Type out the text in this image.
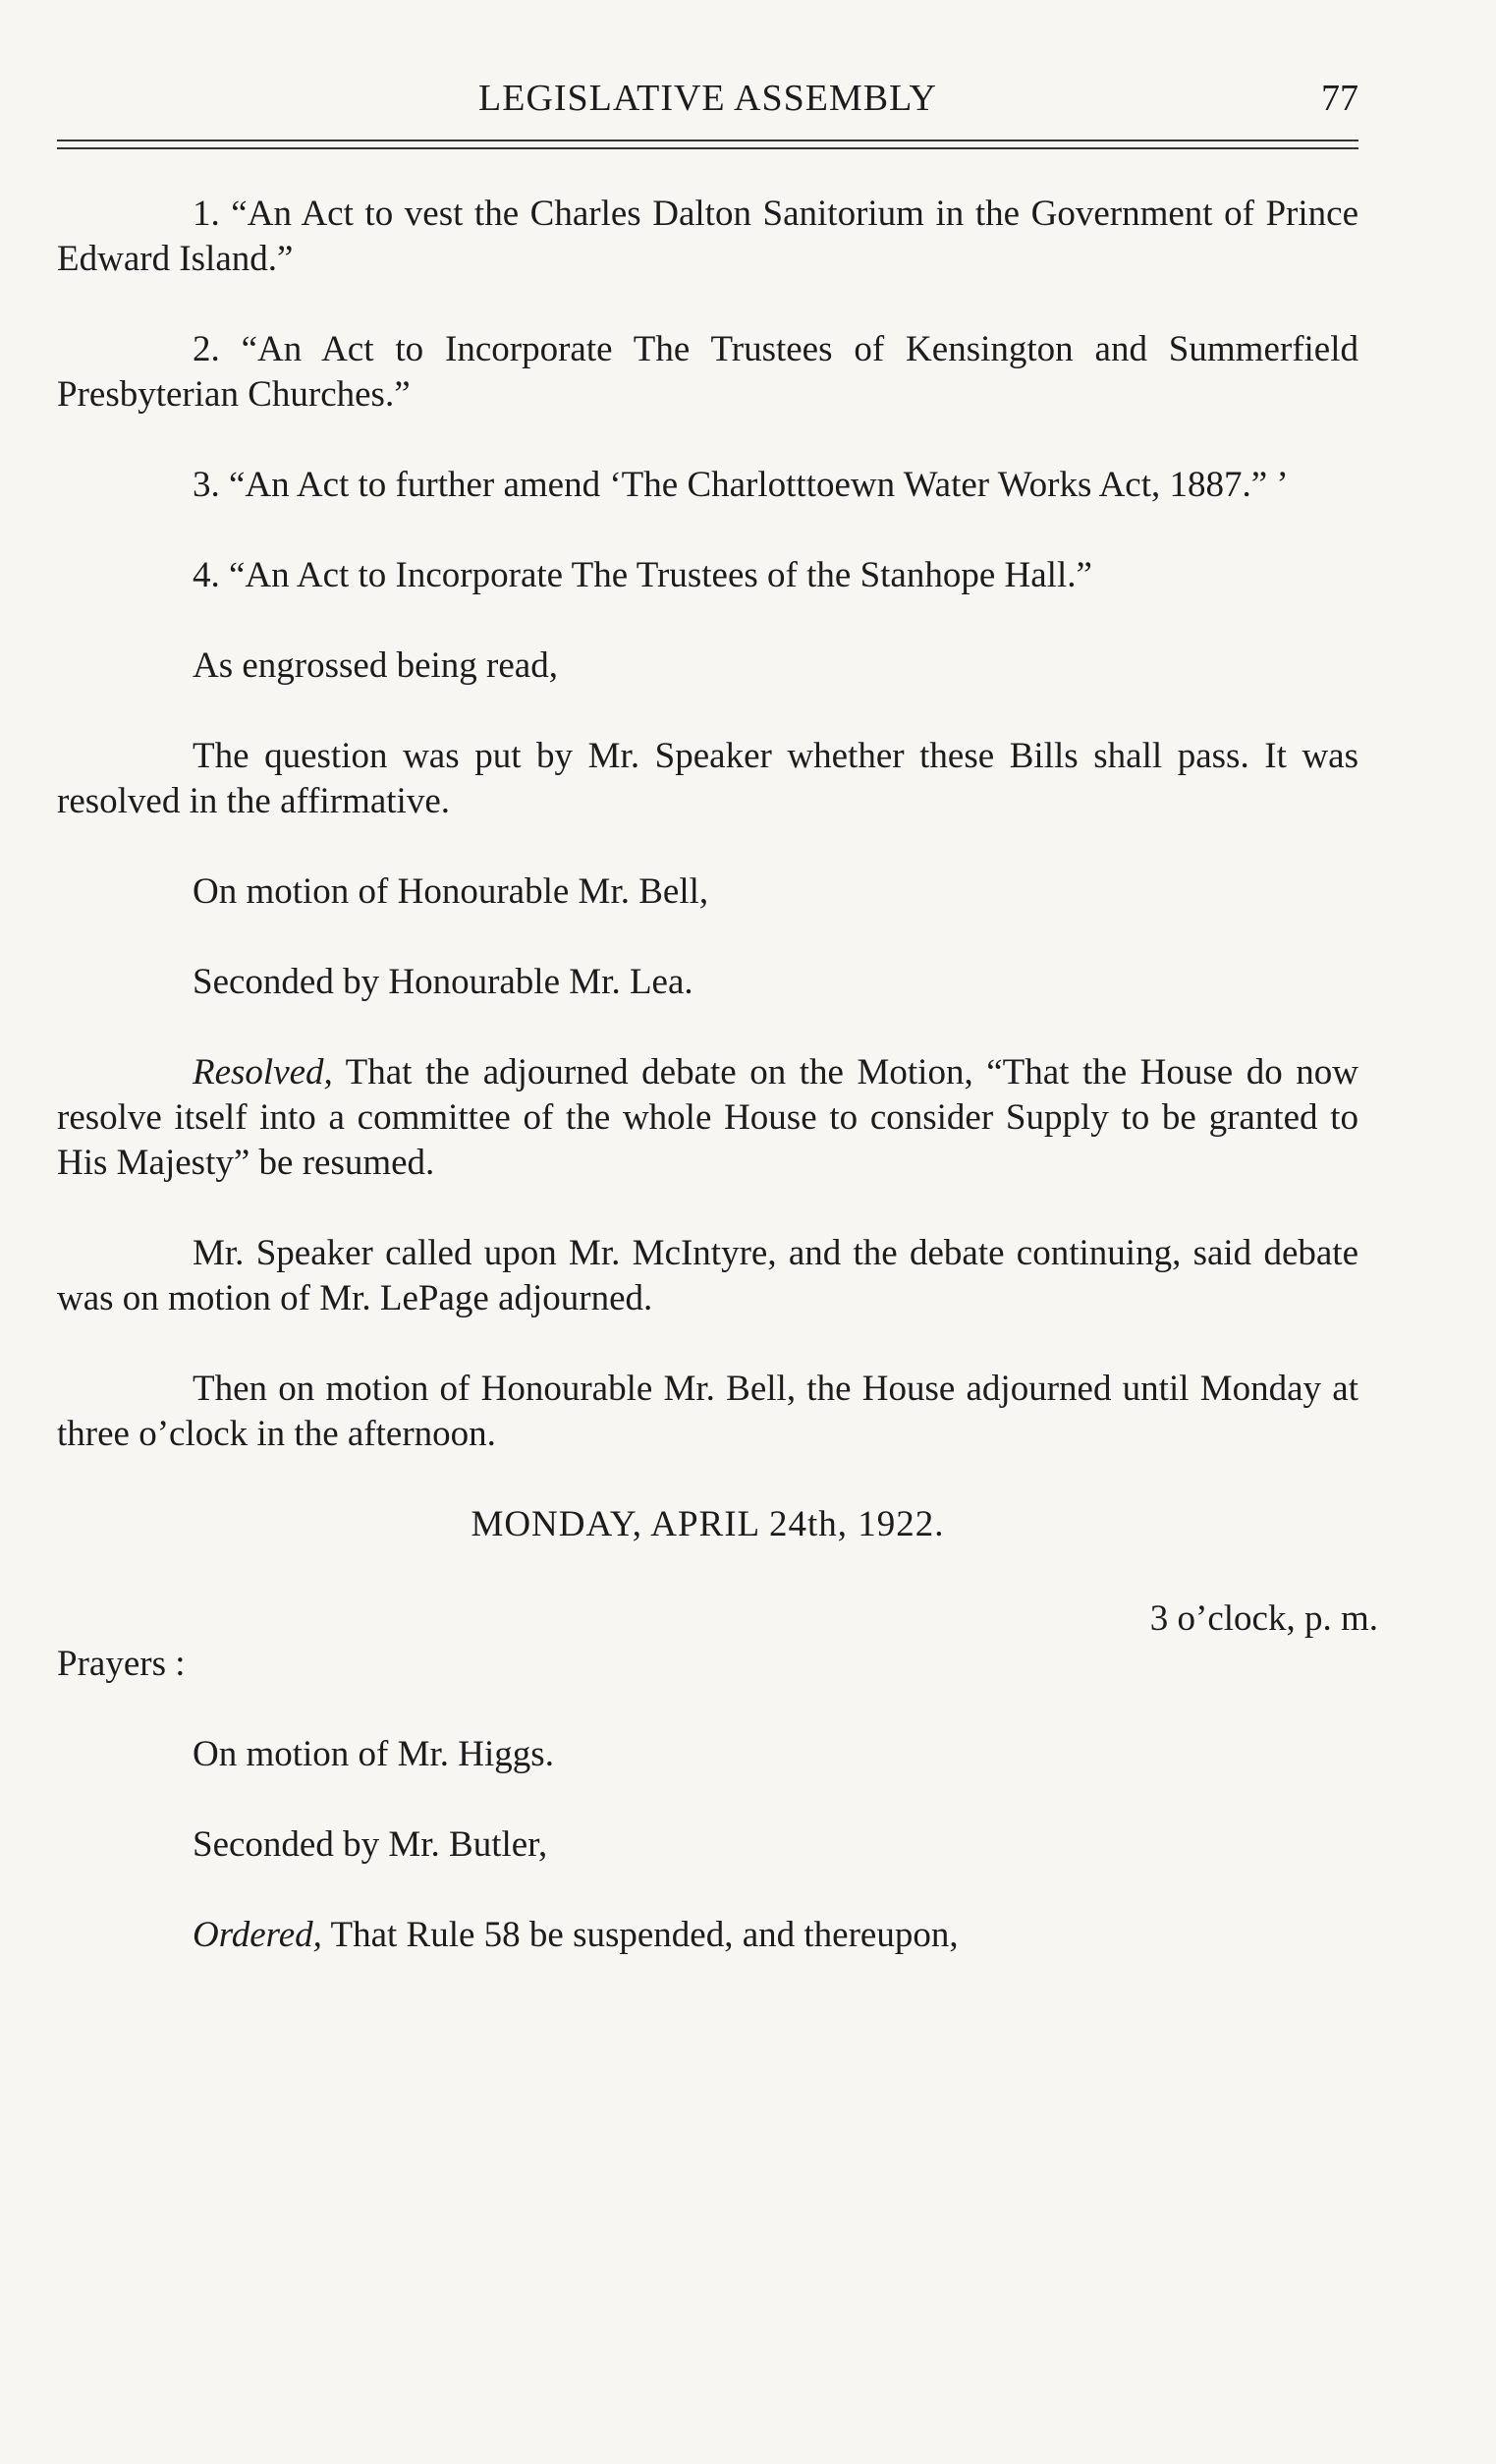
LEGISLATIVE ASSEMBLY	77

1. “An Act to vest the Charles Dalton Sanitorium in the Government of Prince Edward Island.”

2. “An Act to Incorporate The Trustees of Kensington and Summerfield Presbyterian Churches.”

3. “An Act to further amend ‘The Charlotttoewn Water Works Act, 1887.” ’

4. “An Act to Incorporate The Trustees of the Stanhope Hall.”

As engrossed being read,

The question was put by Mr. Speaker whether these Bills shall pass. It was resolved in the affirmative.

On motion of Honourable Mr. Bell,

Seconded by Honourable Mr. Lea.

Resolved, That the adjourned debate on the Motion, “That the House do now resolve itself into a committee of the whole House to consider Supply to be granted to His Majesty” be resumed.

Mr. Speaker called upon Mr. McIntyre, and the debate continuing, said debate was on motion of Mr. LePage adjourned.

Then on motion of Honourable Mr. Bell, the House adjourned until Monday at three o’clock in the afternoon.

MONDAY, APRIL 24th, 1922.

3 o’clock, p. m.

Prayers :

On motion of Mr. Higgs.

Seconded by Mr. Butler,

Ordered, That Rule 58 be suspended, and thereupon,
